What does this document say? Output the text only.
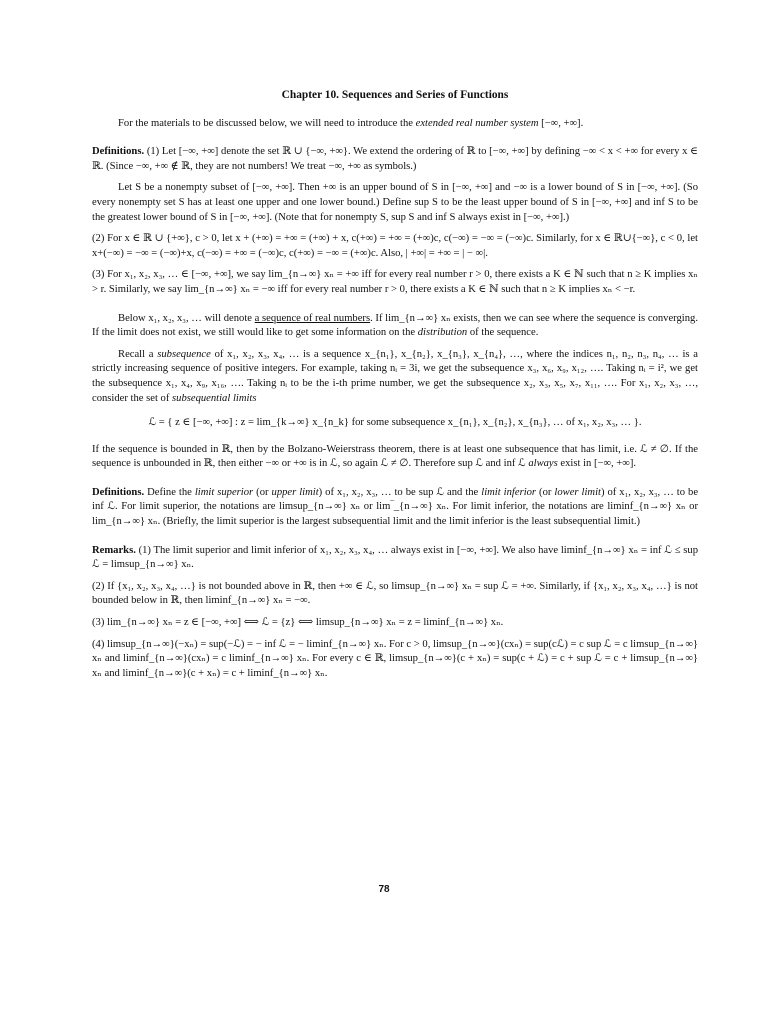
Chapter 10. Sequences and Series of Functions

For the materials to be discussed below, we will need to introduce the extended real number system [−∞, +∞].

Definitions. (1) Let [−∞, +∞] denote the set ℝ ∪ {−∞, +∞}. We extend the ordering of ℝ to [−∞, +∞] by defining −∞ < x < +∞ for every x ∈ ℝ. (Since −∞, +∞ ∉ ℝ, they are not numbers! We treat −∞, +∞ as symbols.)

Let S be a nonempty subset of [−∞, +∞]. Then +∞ is an upper bound of S in [−∞, +∞] and −∞ is a lower bound of S in [−∞, +∞]. (So every nonempty set S has at least one upper and one lower bound.) Define sup S to be the least upper bound of S in [−∞, +∞] and inf S to be the greatest lower bound of S in [−∞, +∞]. (Note that for nonempty S, sup S and inf S always exist in [−∞, +∞].)

(2) For x ∈ ℝ ∪ {+∞}, c > 0, let x + (+∞) = +∞ = (+∞) + x, c(+∞) = +∞ = (+∞)c, c(−∞) = −∞ = (−∞)c. Similarly, for x ∈ ℝ∪{−∞}, c < 0, let x+(−∞) = −∞ = (−∞)+x, c(−∞) = +∞ = (−∞)c, c(+∞) = −∞ = (+∞)c. Also, | +∞| = +∞ = | − ∞|.

(3) For x₁, x₂, x₃, … ∈ [−∞, +∞], we say lim_{n→∞} xₙ = +∞ iff for every real number r > 0, there exists a K ∈ ℕ such that n ≥ K implies xₙ > r. Similarly, we say lim_{n→∞} xₙ = −∞ iff for every real number r > 0, there exists a K ∈ ℕ such that n ≥ K implies xₙ < −r.

Below x₁, x₂, x₃, … will denote a sequence of real numbers. If lim_{n→∞} xₙ exists, then we can see where the sequence is converging. If the limit does not exist, we still would like to get some information on the distribution of the sequence.

Recall a subsequence of x₁, x₂, x₃, x₄, … is a sequence x_{n₁}, x_{n₂}, x_{n₃}, x_{n₄}, …, where the indices n₁, n₂, n₃, n₄, … is a strictly increasing sequence of positive integers. For example, taking nᵢ = 3i, we get the subsequence x₃, x₆, x₉, x₁₂, …. Taking nᵢ = i², we get the subsequence x₁, x₄, x₉, x₁₆, …. Taking nᵢ to be the i-th prime number, we get the subsequence x₂, x₃, x₅, x₇, x₁₁, …. For x₁, x₂, x₃, …, consider the set of subsequential limits

ℒ = { z ∈ [−∞, +∞] : z = lim_{k→∞} x_{n_k} for some subsequence x_{n₁}, x_{n₂}, x_{n₃}, … of x₁, x₂, x₃, … }.

If the sequence is bounded in ℝ, then by the Bolzano-Weierstrass theorem, there is at least one subsequence that has limit, i.e. ℒ ≠ ∅. If the sequence is unbounded in ℝ, then either −∞ or +∞ is in ℒ, so again ℒ ≠ ∅. Therefore sup ℒ and inf ℒ always exist in [−∞, +∞].

Definitions. Define the limit superior (or upper limit) of x₁, x₂, x₃, … to be sup ℒ and the limit inferior (or lower limit) of x₁, x₂, x₃, … to be inf ℒ. For limit superior, the notations are limsup_{n→∞} xₙ or lim‾_{n→∞} xₙ. For limit inferior, the notations are liminf_{n→∞} xₙ or lim_{n→∞} xₙ. (Briefly, the limit superior is the largest subsequential limit and the limit inferior is the least subsequential limit.)

Remarks. (1) The limit superior and limit inferior of x₁, x₂, x₃, x₄, … always exist in [−∞, +∞]. We also have liminf_{n→∞} xₙ = inf ℒ ≤ sup ℒ = limsup_{n→∞} xₙ.

(2) If {x₁, x₂, x₃, x₄, …} is not bounded above in ℝ, then +∞ ∈ ℒ, so limsup_{n→∞} xₙ = sup ℒ = +∞. Similarly, if {x₁, x₂, x₃, x₄, …} is not bounded below in ℝ, then liminf_{n→∞} xₙ = −∞.

(3) lim_{n→∞} xₙ = z ∈ [−∞, +∞] ⟺ ℒ = {z} ⟺ limsup_{n→∞} xₙ = z = liminf_{n→∞} xₙ.

(4) limsup_{n→∞}(−xₙ) = sup(−ℒ) = − inf ℒ = − liminf_{n→∞} xₙ. For c > 0, limsup_{n→∞}(cxₙ) = sup(cℒ) = c sup ℒ = c limsup_{n→∞} xₙ and liminf_{n→∞}(cxₙ) = c liminf_{n→∞} xₙ. For every c ∈ ℝ, limsup_{n→∞}(c + xₙ) = sup(c + ℒ) = c + sup ℒ = c + limsup_{n→∞} xₙ and liminf_{n→∞}(c + xₙ) = c + liminf_{n→∞} xₙ.

78
